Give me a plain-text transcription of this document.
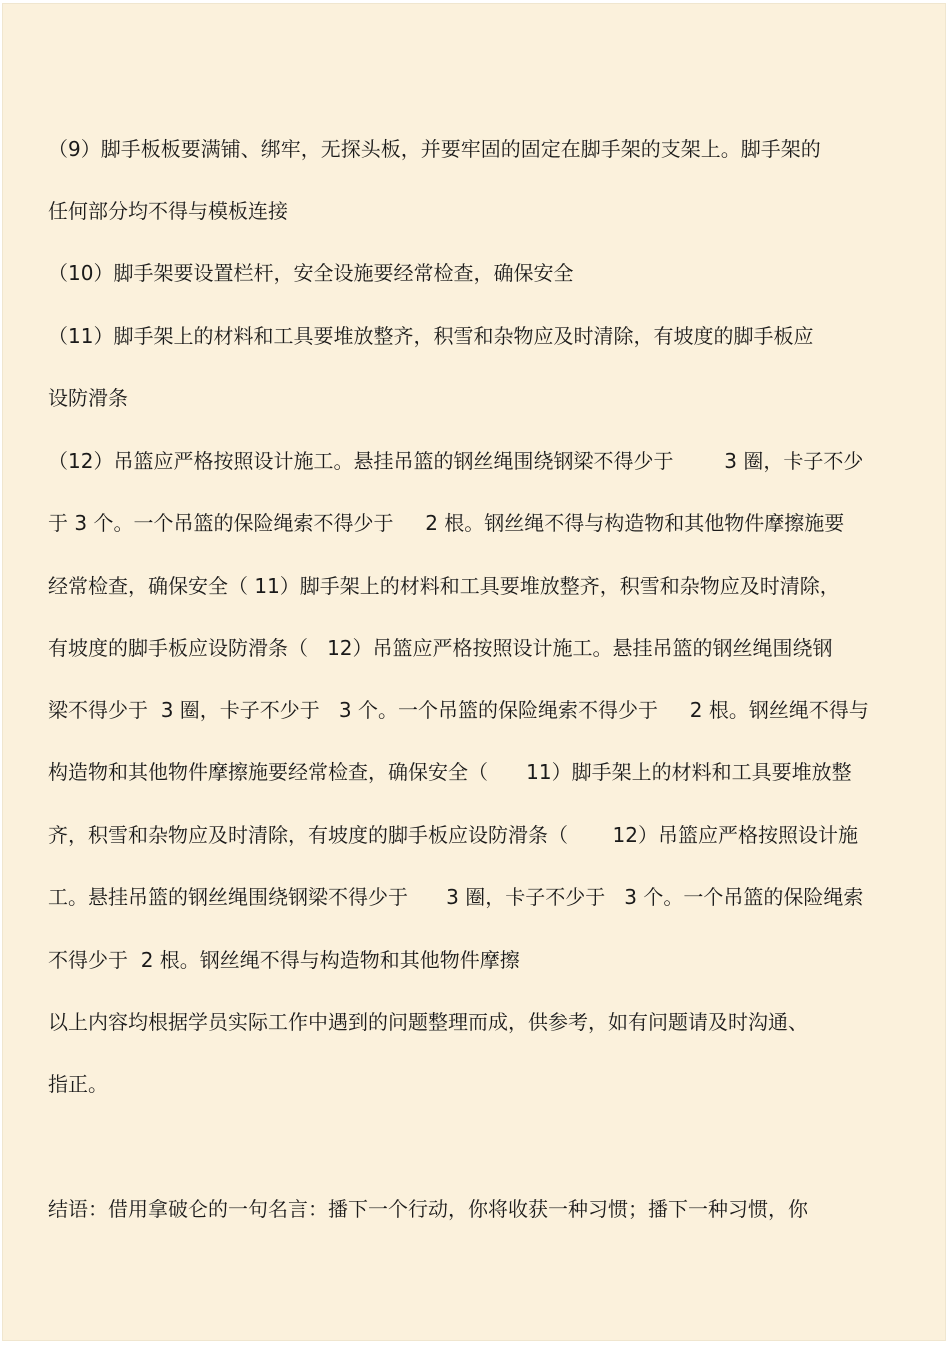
（9）脚手板板要满铺、绑牢，无探头板，并要牢固的固定在脚手架的支架上。脚手架的
任何部分均不得与模板连接
（10）脚手架要设置栏杆，安全设施要经常检查，确保安全
（11）脚手架上的材料和工具要堆放整齐，积雪和杂物应及时清除，有坡度的脚手板应
设防滑条
（12）吊篮应严格按照设计施工。悬挂吊篮的钢丝绳围绕钢梁不得少于        3 圈，卡子不少
于 3 个。一个吊篮的保险绳索不得少于     2 根。钢丝绳不得与构造物和其他物件摩擦施要
经常检查，确保安全（ 11）脚手架上的材料和工具要堆放整齐，积雪和杂物应及时清除，
有坡度的脚手板应设防滑条（   12）吊篮应严格按照设计施工。悬挂吊篮的钢丝绳围绕钢
梁不得少于  3 圈，卡子不少于   3 个。一个吊篮的保险绳索不得少于     2 根。钢丝绳不得与
构造物和其他物件摩擦施要经常检查，确保安全（      11）脚手架上的材料和工具要堆放整
齐，积雪和杂物应及时清除，有坡度的脚手板应设防滑条（       12）吊篮应严格按照设计施
工。悬挂吊篮的钢丝绳围绕钢梁不得少于      3 圈，卡子不少于   3 个。一个吊篮的保险绳索
不得少于  2 根。钢丝绳不得与构造物和其他物件摩擦
以上内容均根据学员实际工作中遇到的问题整理而成，供参考，如有问题请及时沟通、
指正。
结语：借用拿破仑的一句名言：播下一个行动，你将收获一种习惯；播下一种习惯，你
